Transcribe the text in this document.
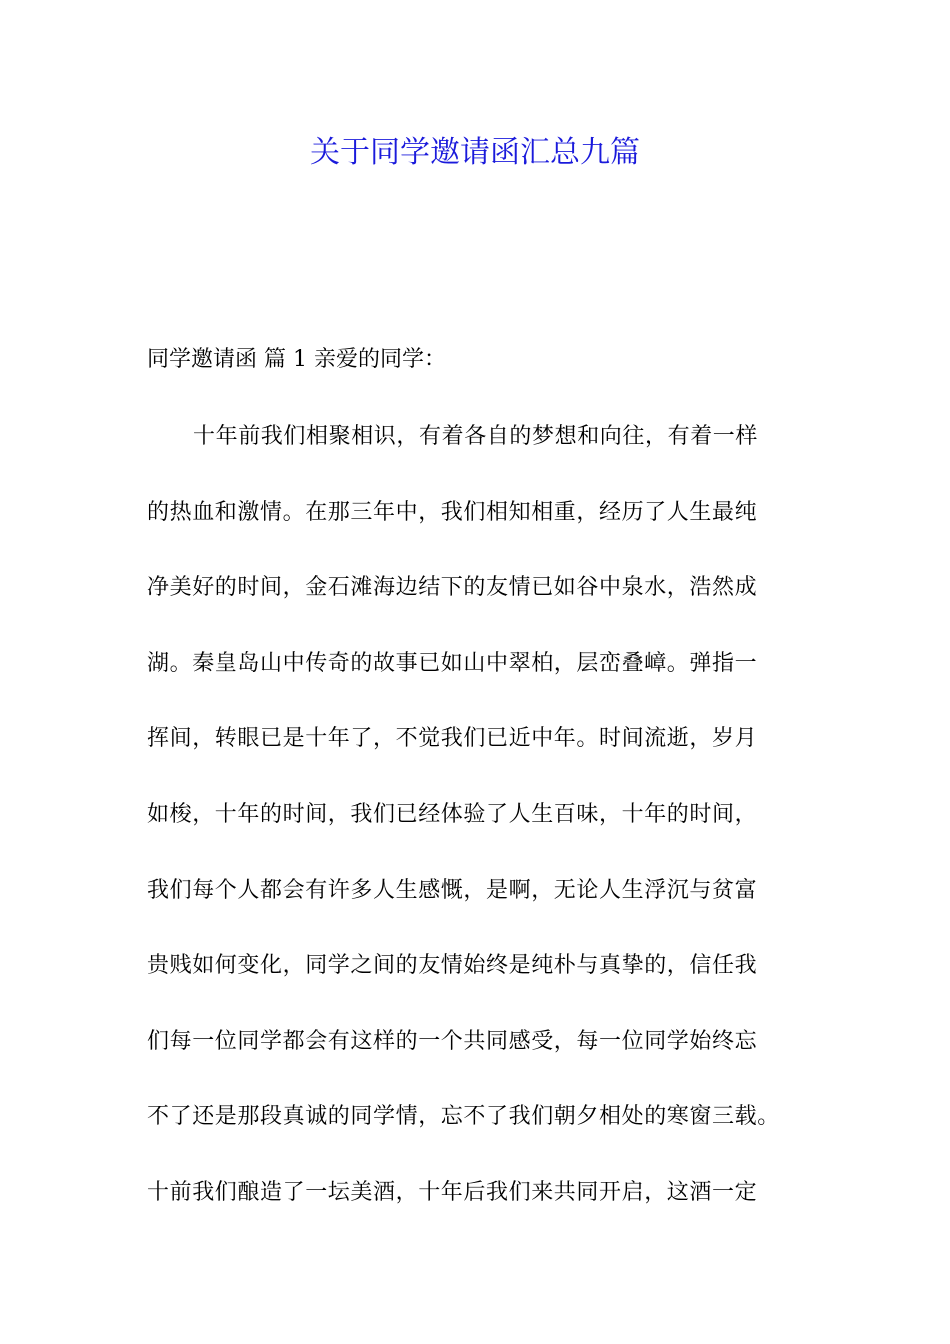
关于同学邀请函汇总九篇
同学邀请函 篇 1 亲爱的同学：
十年前我们相聚相识，有着各自的梦想和向往，有着一样
的热血和激情。在那三年中，我们相知相重，经历了人生最纯
净美好的时间，金石滩海边结下的友情已如谷中泉水，浩然成
湖。秦皇岛山中传奇的故事已如山中翠柏，层峦叠嶂。弹指一
挥间，转眼已是十年了，不觉我们已近中年。时间流逝，岁月
如梭，十年的时间，我们已经体验了人生百味，十年的时间，
我们每个人都会有许多人生感慨，是啊，无论人生浮沉与贫富
贵贱如何变化，同学之间的友情始终是纯朴与真挚的，信任我
们每一位同学都会有这样的一个共同感受，每一位同学始终忘
不了还是那段真诚的同学情，忘不了我们朝夕相处的寒窗三载。
十前我们酿造了一坛美酒，十年后我们来共同开启，这酒一定
